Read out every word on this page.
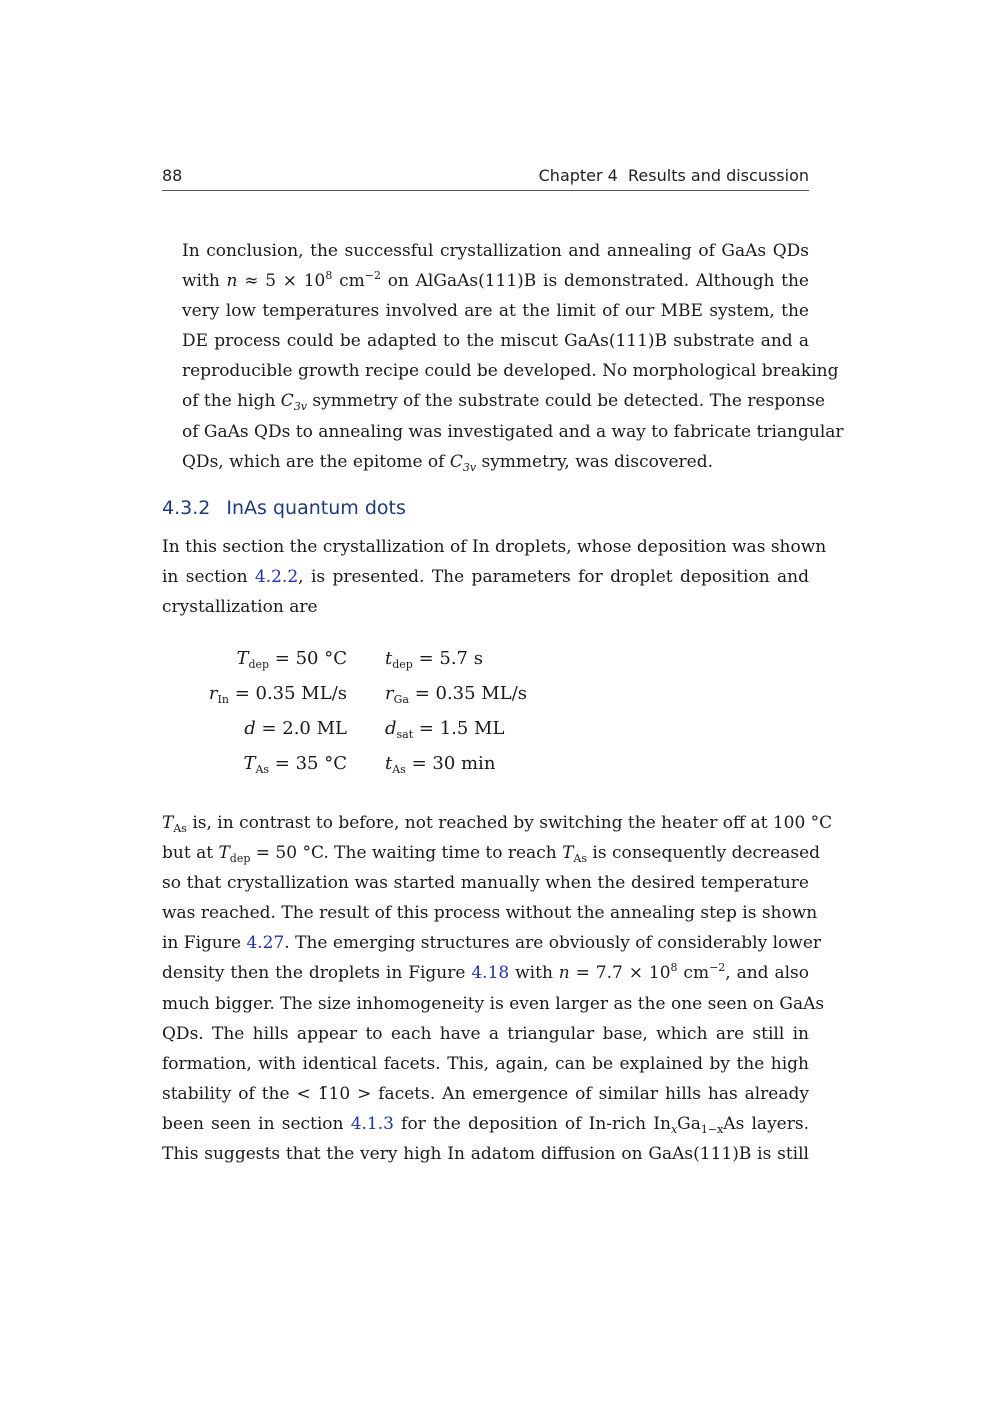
88	Chapter 4  Results and discussion
In conclusion, the successful crystallization and annealing of GaAs QDs
with $n \approx 5 \times 10^8$ $cm^{-2}$ on AlGaAs(111)B is demonstrated. Although the
very low temperatures involved are at the limit of our MBE system, the
DE process could be adapted to the miscut GaAs(111)B substrate and a
reproducible growth recipe could be developed. No morphological breaking
of the high $C_{3v}$ symmetry of the substrate could be detected. The response
of GaAs QDs to annealing was investigated and a way to fabricate triangular
QDs, which are the epitome of $C_{3v}$ symmetry, was discovered.
4.3.2 InAs quantum dots
In this section the crystallization of In droplets, whose deposition was shown
in section 4.2.2, is presented. The parameters for droplet deposition and
crystallization are
$T_{dep} = 50$ °C $t_{dep} = 5.7$ s
$r_{In} = 0.35$ ML/s $r_{Ga} = 0.35$ ML/s
d = 2.0 ML $d_{sat} = 1.5$ ML
$T_{As} = 35$ °C $t_{As} = 30$ min
$T_{As}$ is, in contrast to before, not reached by switching the heater off at 100 °C
but at $T_{dep} = 50$ °C. The waiting time to reach $T_{As}$ is consequently decreased
so that crystallization was started manually when the desired temperature
was reached. The result of this process without the annealing step is shown
in Figure 4.27. The emerging structures are obviously of considerably lower
density then the droplets in Figure 4.18 with $n = 7.7 \times 10^8$ $cm^{-2}$, and also
much bigger. The size inhomogeneity is even larger as the one seen on GaAs
QDs. The hills appear to each have a triangular base, which are still in
formation, with identical facets. This, again, can be explained by the high
stability of the < 1̄10 > facets. An emergence of similar hills has already
been seen in section 4.1.3 for the deposition of In-rich $In_xGa_{1-x}As$ layers.
This suggests that the very high In adatom diffusion on GaAs(111)B is still
